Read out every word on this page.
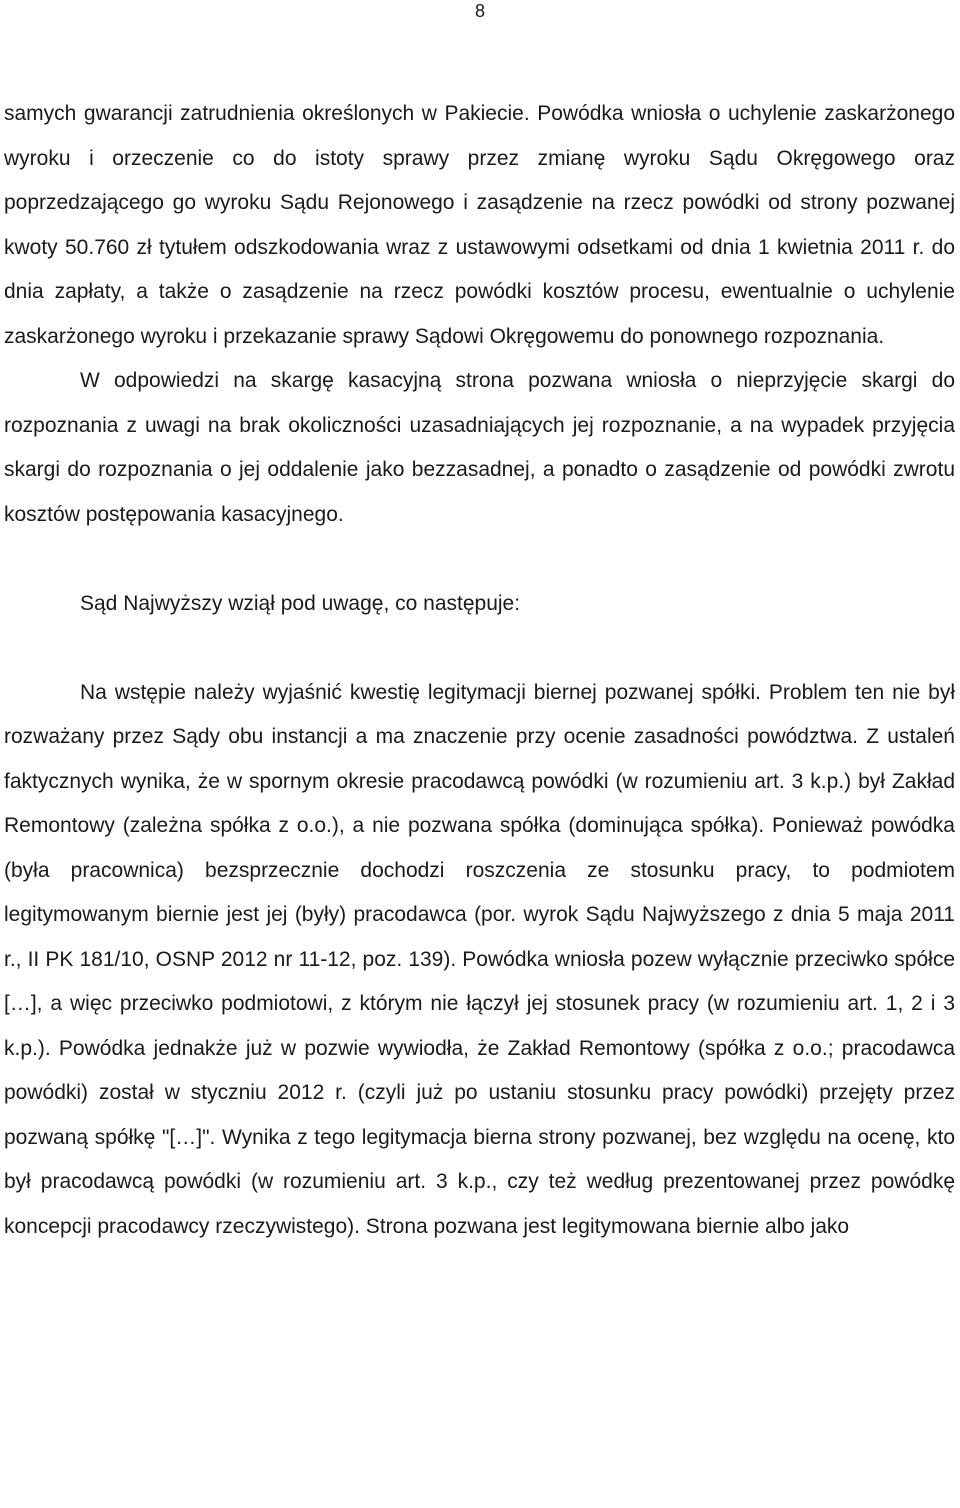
8

samych gwarancji zatrudnienia określonych w Pakiecie. Powódka wniosła o uchylenie zaskarżonego wyroku i orzeczenie co do istoty sprawy przez zmianę wyroku Sądu Okręgowego oraz poprzedzającego go wyroku Sądu Rejonowego i zasądzenie na rzecz powódki od strony pozwanej kwoty 50.760 zł tytułem odszkodowania wraz z ustawowymi odsetkami od dnia 1 kwietnia 2011 r. do dnia zapłaty, a także o zasądzenie na rzecz powódki kosztów procesu, ewentualnie o uchylenie zaskarżonego wyroku i przekazanie sprawy Sądowi Okręgowemu do ponownego rozpoznania.

W odpowiedzi na skargę kasacyjną strona pozwana wniosła o nieprzyjęcie skargi do rozpoznania z uwagi na brak okoliczności uzasadniających jej rozpoznanie, a na wypadek przyjęcia skargi do rozpoznania o jej oddalenie jako bezzasadnej, a ponadto o zasądzenie od powódki zwrotu kosztów postępowania kasacyjnego.

Sąd Najwyższy wziął pod uwagę, co następuje:

Na wstępie należy wyjaśnić kwestię legitymacji biernej pozwanej spółki. Problem ten nie był rozważany przez Sądy obu instancji a ma znaczenie przy ocenie zasadności powództwa. Z ustaleń faktycznych wynika, że w spornym okresie pracodawcą powódki (w rozumieniu art. 3 k.p.) był Zakład Remontowy (zależna spółka z o.o.), a nie pozwana spółka (dominująca spółka). Ponieważ powódka (była pracownica) bezsprzecznie dochodzi roszczenia ze stosunku pracy, to podmiotem legitymowanym biernie jest jej (były) pracodawca (por. wyrok Sądu Najwyższego z dnia 5 maja 2011 r., II PK 181/10, OSNP 2012 nr 11-12, poz. 139). Powódka wniosła pozew wyłącznie przeciwko spółce […], a więc przeciwko podmiotowi, z którym nie łączył jej stosunek pracy (w rozumieniu art. 1, 2 i 3 k.p.). Powódka jednakże już w pozwie wywiodła, że Zakład Remontowy (spółka z o.o.; pracodawca powódki) został w styczniu 2012 r. (czyli już po ustaniu stosunku pracy powódki) przejęty przez pozwaną spółkę "[…]". Wynika z tego legitymacja bierna strony pozwanej, bez względu na ocenę, kto był pracodawcą powódki (w rozumieniu art. 3 k.p., czy też według prezentowanej przez powódkę koncepcji pracodawcy rzeczywistego). Strona pozwana jest legitymowana biernie albo jako
